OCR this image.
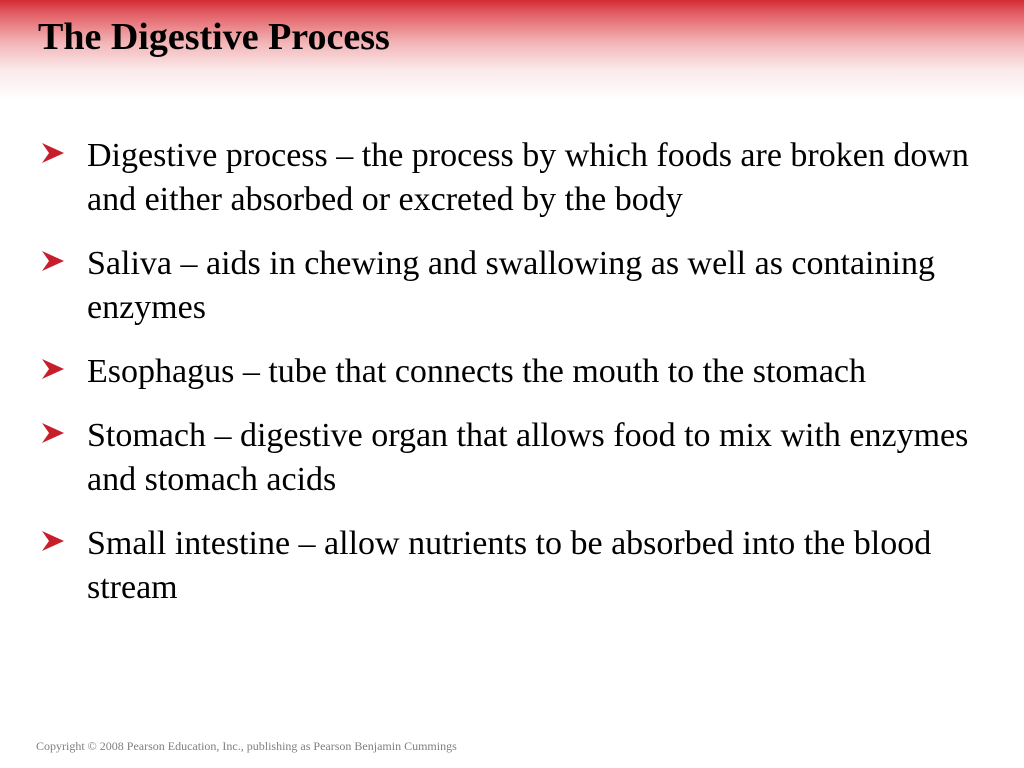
The Digestive Process
Digestive process – the process by which foods are broken down and either absorbed or excreted by the body
Saliva – aids in chewing and swallowing as well as containing enzymes
Esophagus – tube that connects the mouth to the stomach
Stomach – digestive organ that allows food to mix with enzymes and stomach acids
Small intestine – allow nutrients to be absorbed into the blood stream

Copyright © 2008 Pearson Education, Inc., publishing as Pearson Benjamin Cummings
